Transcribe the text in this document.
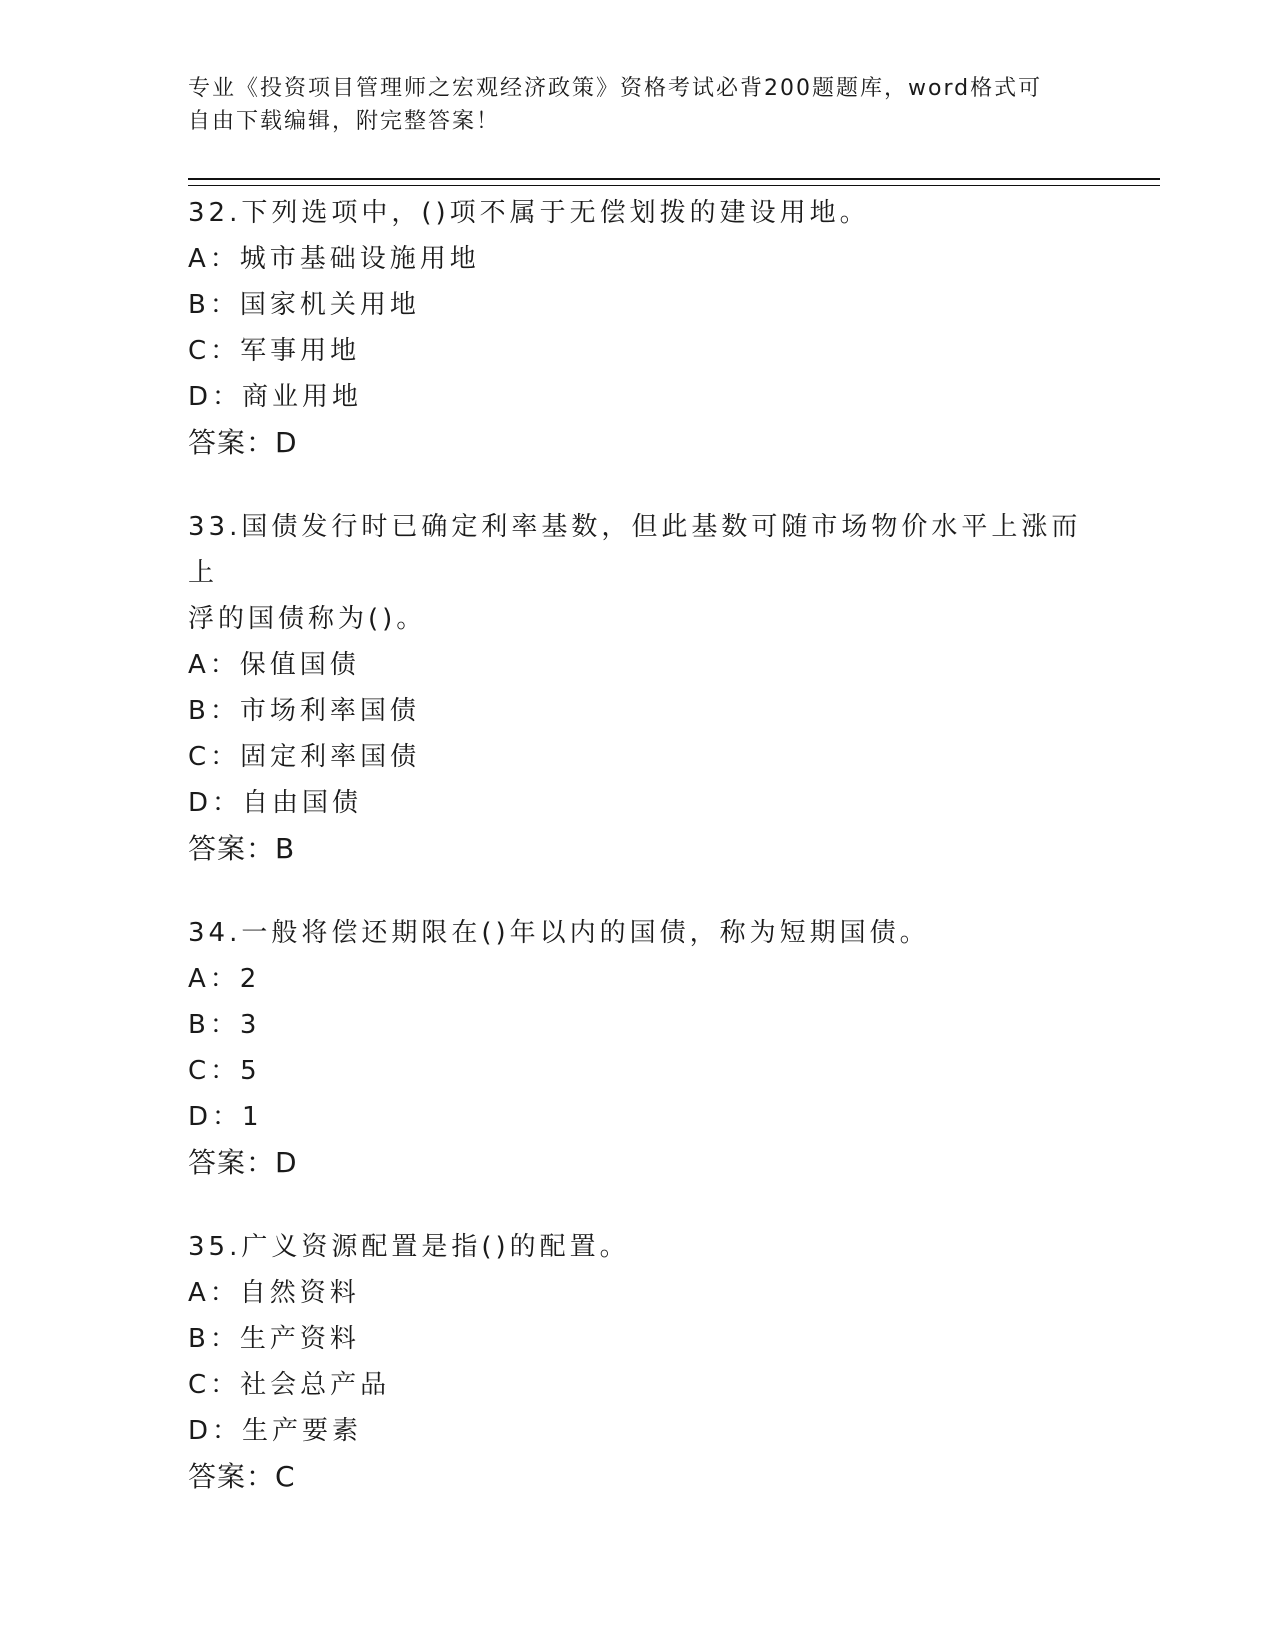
专业《投资项目管理师之宏观经济政策》资格考试必背200题题库，word格式可
自由下载编辑，附完整答案！
32.下列选项中，()项不属于无偿划拨的建设用地。
A：城市基础设施用地
B：国家机关用地
C：军事用地
D：商业用地
答案：D
33.国债发行时已确定利率基数，但此基数可随市场物价水平上涨而上
浮的国债称为()。
A：保值国债
B：市场利率国债
C：固定利率国债
D：自由国债
答案：B
34.一般将偿还期限在()年以内的国债，称为短期国债。
A：2
B：3
C：5
D：1
答案：D
35.广义资源配置是指()的配置。
A：自然资料
B：生产资料
C：社会总产品
D：生产要素
答案：C
